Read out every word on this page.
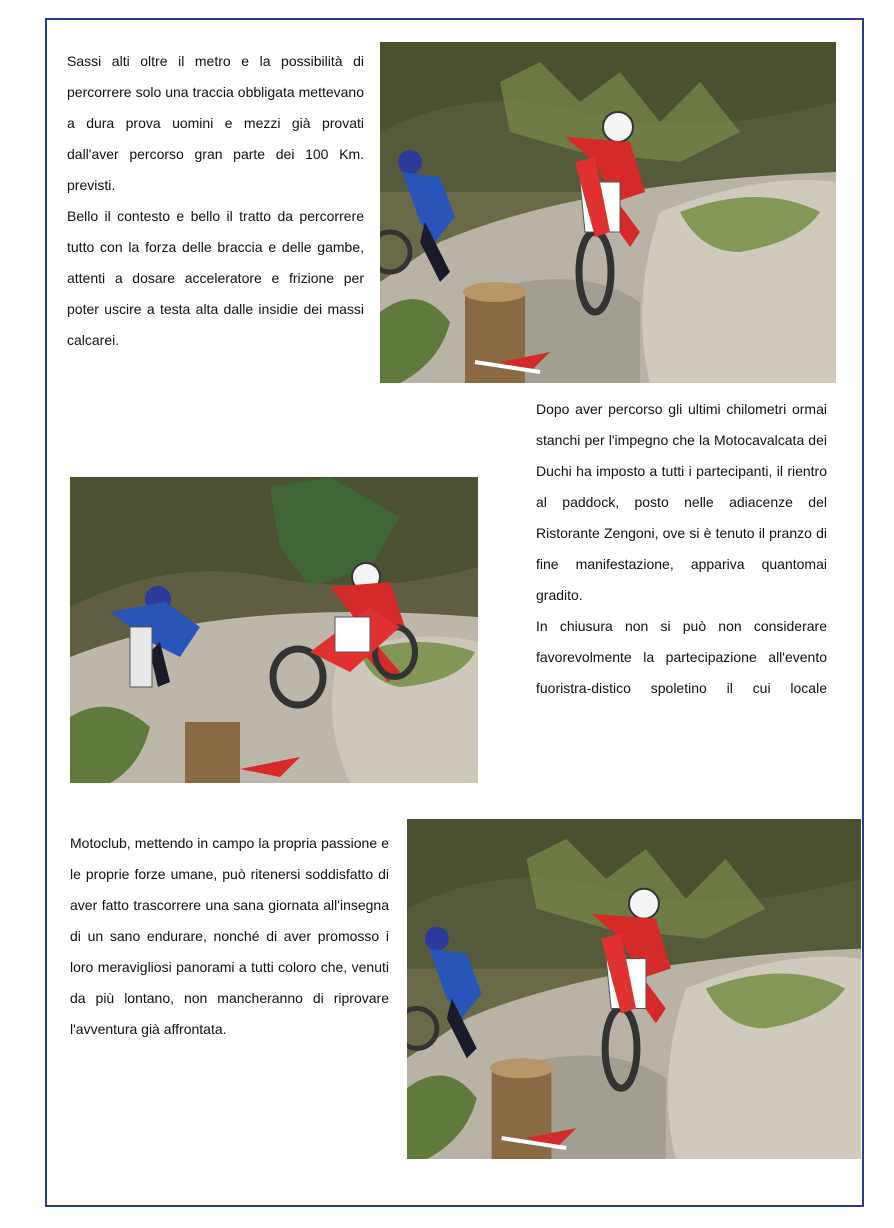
Sassi alti oltre il metro e la possibilità di percorrere solo una traccia obbligata mettevano a dura prova uomini e mezzi già provati dall'aver percorso gran parte dei 100 Km. previsti.

Bello il contesto e bello il tratto da percorrere tutto con la forza delle braccia e delle gambe, attenti a dosare acceleratore e frizione per poter uscire a testa alta dalle insidie dei massi calcarei.

Dopo aver percorso gli ultimi chilometri ormai stanchi per l'impegno che la Motocavalcata dei Duchi ha imposto a tutti i partecipanti, il rientro al paddock, posto nelle adiacenze del Ristorante Zengoni, ove si è tenuto il pranzo di fine manifestazione, appariva quantomai gradito.

In chiusura non si può non considerare favorevolmente la partecipazione all'evento fuoristra-distico spoletino il cui locale

Motoclub, mettendo in campo la propria passione e le proprie forze umane, può ritenersi soddisfatto di aver fatto trascorrere una sana giornata all'insegna di un sano endurare, nonché di aver promosso i loro meravigliosi panorami a tutti coloro che, venuti da più lontano, non mancheranno di riprovare l'avventura già affrontata.
